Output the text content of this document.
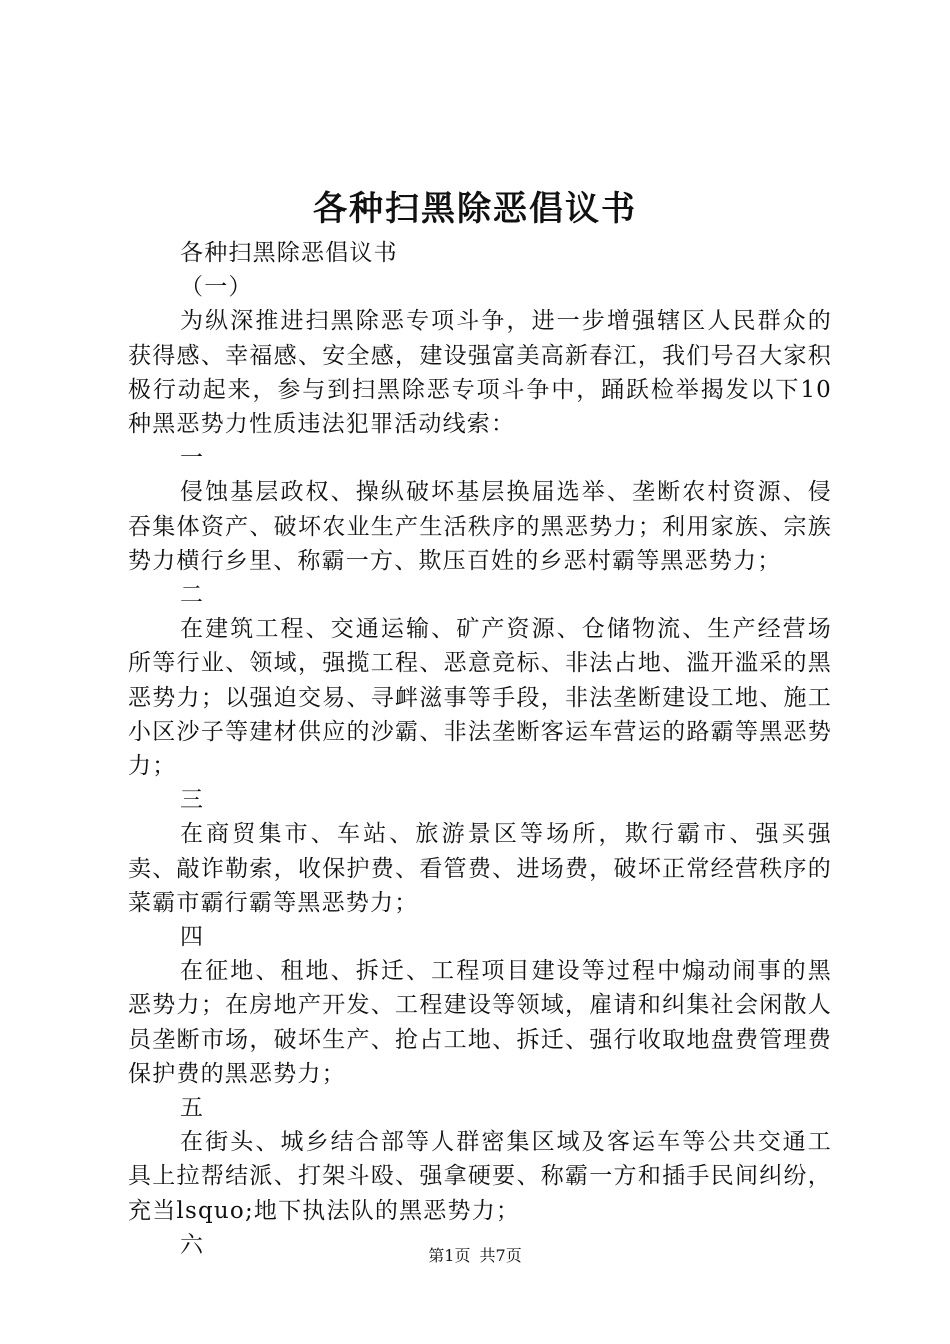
各种扫黑除恶倡议书

各种扫黑除恶倡议书

（一）

为纵深推进扫黑除恶专项斗争，进一步增强辖区人民群众的获得感、幸福感、安全感，建设强富美高新春江，我们号召大家积极行动起来，参与到扫黑除恶专项斗争中，踊跃检举揭发以下10种黑恶势力性质违法犯罪活动线索：

一

侵蚀基层政权、操纵破坏基层换届选举、垄断农村资源、侵吞集体资产、破坏农业生产生活秩序的黑恶势力；利用家族、宗族势力横行乡里、称霸一方、欺压百姓的乡恶村霸等黑恶势力；

二

在建筑工程、交通运输、矿产资源、仓储物流、生产经营场所等行业、领域，强揽工程、恶意竞标、非法占地、滥开滥采的黑恶势力；以强迫交易、寻衅滋事等手段，非法垄断建设工地、施工小区沙子等建材供应的沙霸、非法垄断客运车营运的路霸等黑恶势力；

三

在商贸集市、车站、旅游景区等场所，欺行霸市、强买强卖、敲诈勒索，收保护费、看管费、进场费，破坏正常经营秩序的菜霸市霸行霸等黑恶势力；

四

在征地、租地、拆迁、工程项目建设等过程中煽动闹事的黑恶势力；在房地产开发、工程建设等领域，雇请和纠集社会闲散人员垄断市场，破坏生产、抢占工地、拆迁、强行收取地盘费管理费保护费的黑恶势力；

五

在街头、城乡结合部等人群密集区域及客运车等公共交通工具上拉帮结派、打架斗殴、强拿硬要、称霸一方和插手民间纠纷，充当lsquo;地下执法队的黑恶势力；

六	第1页 共7页
